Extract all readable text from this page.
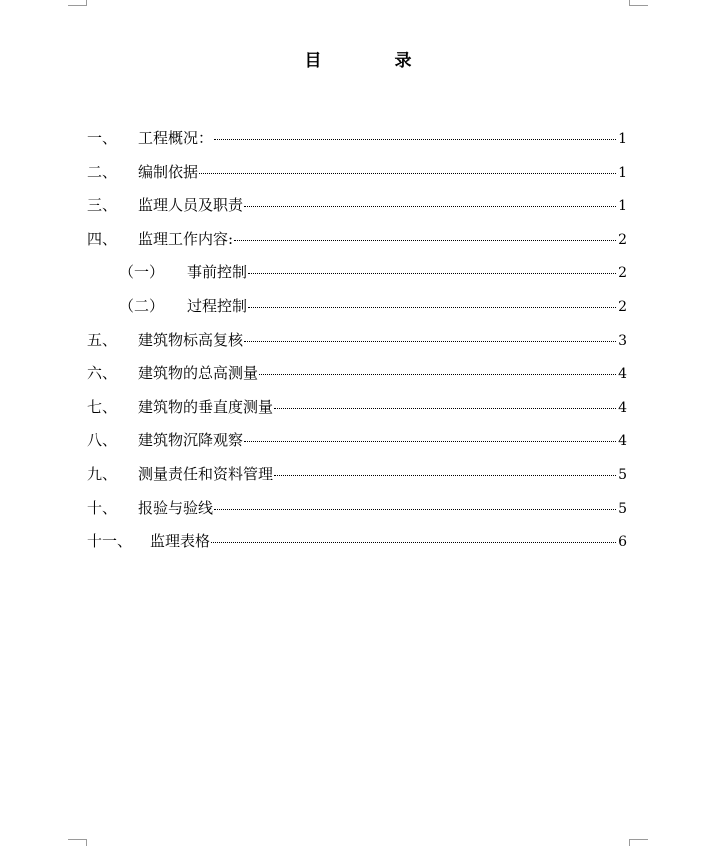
目　录
一、	工程概况：	1
二、	编制依据	1
三、	监理人员及职责	1
四、	监理工作内容:	2
（一）	事前控制	2
（二）	过程控制	2
五、	建筑物标高复核	3
六、	建筑物的总高测量	4
七、	建筑物的垂直度测量	4
八、	建筑物沉降观察	4
九、	测量责任和资料管理	5
十、	报验与验线	5
十一、	监理表格	6
